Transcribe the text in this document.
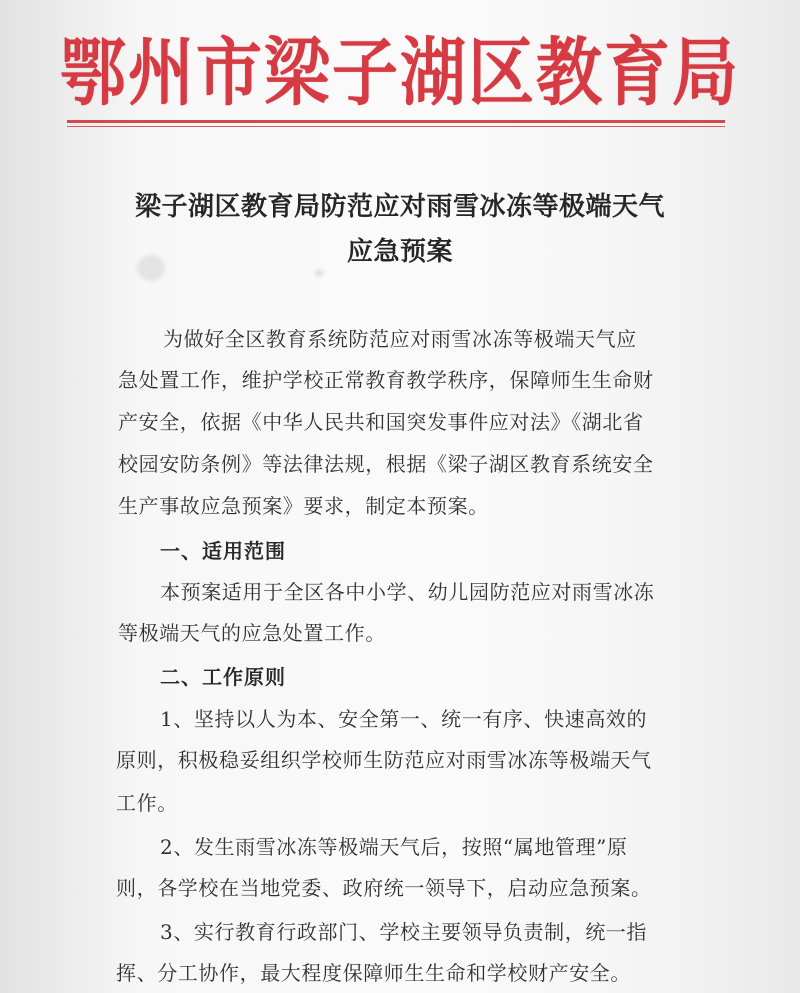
鄂州市梁子湖区教育局
梁子湖区教育局防范应对雨雪冰冻等极端天气
应急预案
为做好全区教育系统防范应对雨雪冰冻等极端天气应
急处置工作，维护学校正常教育教学秩序，保障师生生命财
产安全，依据《中华人民共和国突发事件应对法》《湖北省
校园安防条例》等法律法规，根据《梁子湖区教育系统安全
生产事故应急预案》要求，制定本预案。
一、适用范围
本预案适用于全区各中小学、幼儿园防范应对雨雪冰冻
等极端天气的应急处置工作。
二、工作原则
1、坚持以人为本、安全第一、统一有序、快速高效的
原则，积极稳妥组织学校师生防范应对雨雪冰冻等极端天气
工作。
2、发生雨雪冰冻等极端天气后，按照“属地管理”原
则，各学校在当地党委、政府统一领导下，启动应急预案。
3、实行教育行政部门、学校主要领导负责制，统一指
挥、分工协作，最大程度保障师生生命和学校财产安全。
